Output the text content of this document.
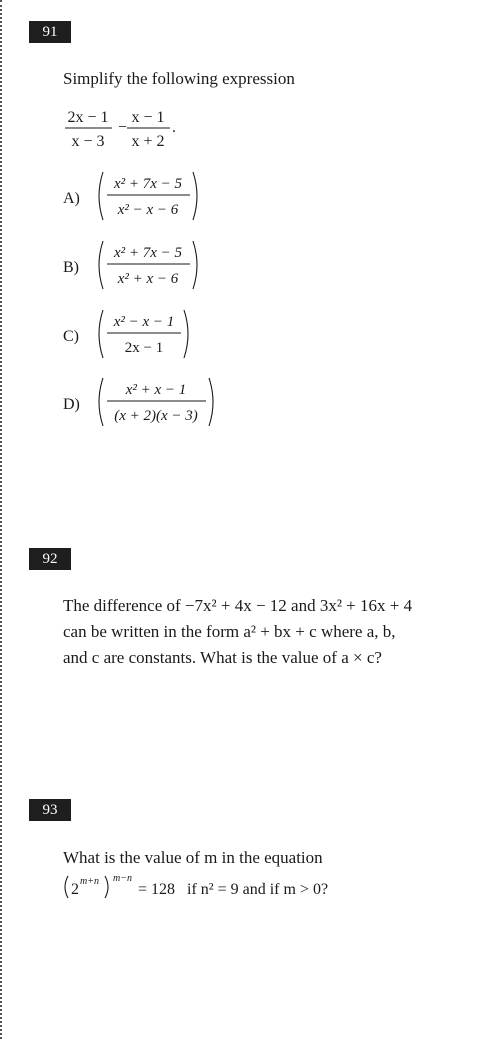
91
Simplify the following expression
92
The difference of −7x² + 4x − 12 and 3x² + 16x + 4
can be written in the form a² + bx + c where a, b,
and c are constants. What is the value of a × c?
93
What is the value of m in the equation
2x − 1
x − 3
−
x − 1
x + 2
.
A)
x² + 7x − 5
x² − x − 6
B)
x² + 7x − 5
x² + x − 6
C)
x² − x − 1
2x − 1
D)
x² + x − 1
(x + 2)(x − 3)
2 m+n m−n
= 128 if n² = 9 and if m > 0?
